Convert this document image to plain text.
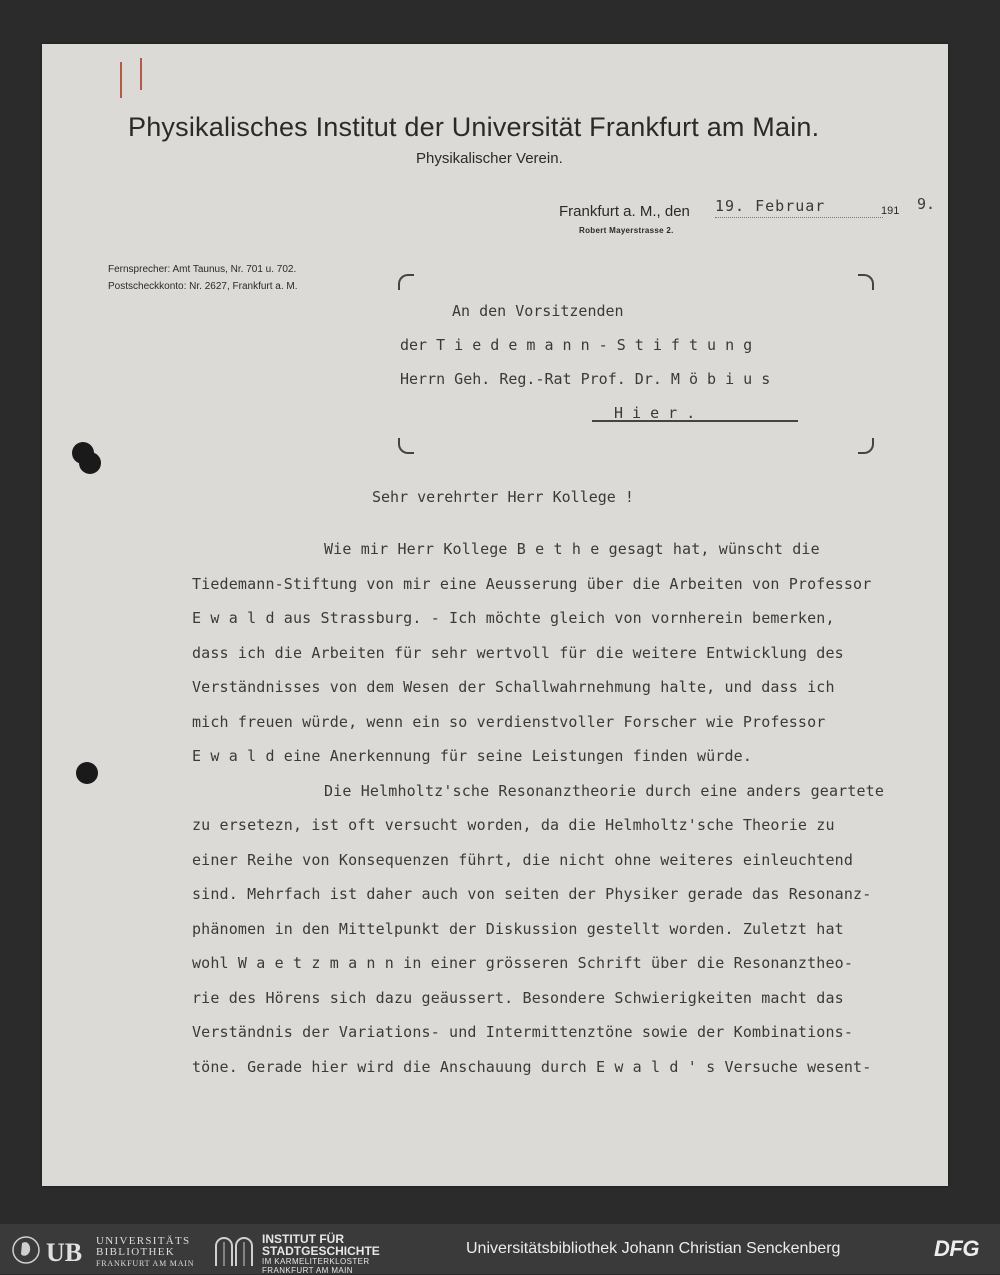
Physikalisches Institut der Universität Frankfurt am Main.
Physikalischer Verein.
Frankfurt a. M., den 19. Februar	191 9.
Robert Mayerstrasse 2.
Fernsprecher: Amt Taunus, Nr. 701 u. 702.
Postscheckkonto: Nr. 2627, Frankfurt a. M.
An den Vorsitzenden
der T i e d e m a n n - S t i f t u n g
Herrn Geh. Reg.-Rat Prof. Dr. M ö b i u s
H i e r .
Sehr verehrter Herr Kollege !
Wie mir Herr Kollege B e t h e gesagt hat, wünscht die
Tiedemann-Stiftung von mir eine Aeusserung über die Arbeiten von Professor
E w a l d aus Strassburg. - Ich möchte gleich von vornherein bemerken,
dass ich die Arbeiten für sehr wertvoll für die weitere Entwicklung des
Verständnisses von dem Wesen der Schallwahrnehmung halte, und dass ich
mich freuen würde, wenn ein so verdienstvoller Forscher wie Professor
E w a l d eine Anerkennung für seine Leistungen finden würde.
Die Helmholtz'sche Resonanztheorie durch eine anders geartete
zu ersetezn, ist oft versucht worden, da die Helmholtz'sche Theorie zu
einer Reihe von Konsequenzen führt, die nicht ohne weiteres einleuchtend
sind. Mehrfach ist daher auch von seiten der Physiker gerade das Resonanz-
phänomen in den Mittelpunkt der Diskussion gestellt worden. Zuletzt hat
wohl W a e t z m a n n in einer grösseren Schrift über die Resonanztheo-
rie des Hörens sich dazu geäussert. Besondere Schwierigkeiten macht das
Verständnis der Variations- und Intermittenztöne sowie der Kombinations-
töne. Gerade hier wird die Anschauung durch E w a l d ' s Versuche wesent-
UB UNIVERSITÄTS
BIBLIOTHEK
FRANKFURT AM MAIN
INSTITUT FÜR
STADTGESCHICHTE
IM KARMELITERKLOSTER
FRANKFURT AM MAIN
Universitätsbibliothek Johann Christian Senckenberg	DFG
